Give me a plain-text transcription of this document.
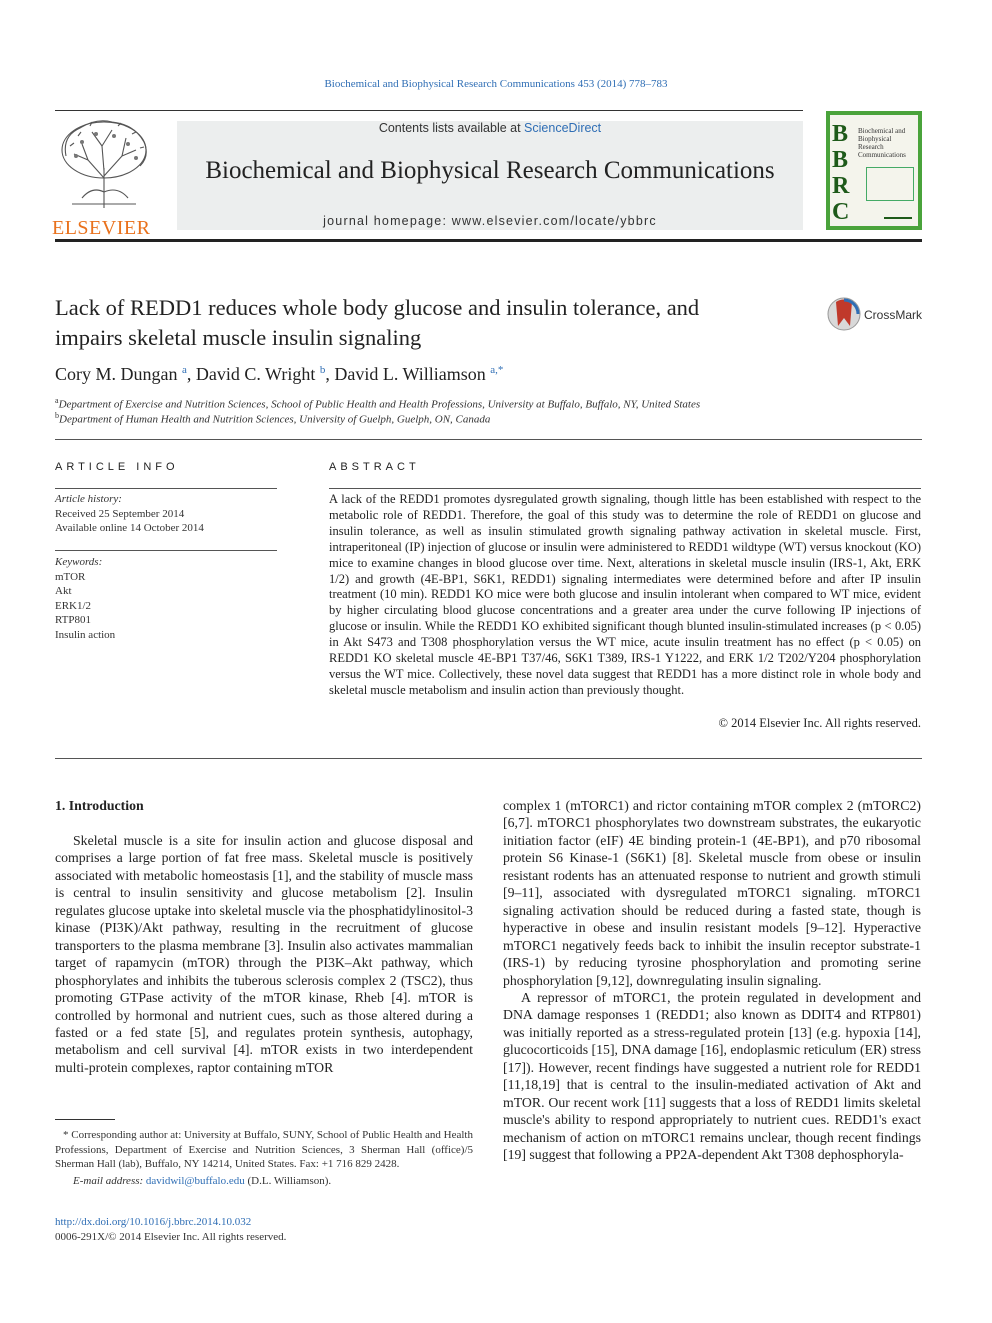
Biochemical and Biophysical Research Communications 453 (2014) 778–783
ELSEVIER
Contents lists available at ScienceDirect
Biochemical and Biophysical Research Communications
journal homepage: www.elsevier.com/locate/ybbrc
B
B
R
C
Biochemical and Biophysical Research Communications
Lack of REDD1 reduces whole body glucose and insulin tolerance, and
impairs skeletal muscle insulin signaling
CrossMark
Cory M. Dungan $^a$, David C. Wright $^b$, David L. Williamson $^{a,*}$
$^a$Department of Exercise and Nutrition Sciences, School of Public Health and Health Professions, University at Buffalo, Buffalo, NY, United States
$^b$Department of Human Health and Nutrition Sciences, University of Guelph, Guelph, ON, Canada
ARTICLE INFO
Article history:
Received 25 September 2014
Available online 14 October 2014
Keywords:
mTOR
Akt
ERK1/2
RTP801
Insulin action
ABSTRACT
A lack of the REDD1 promotes dysregulated growth signaling, though little has been established with respect to the metabolic role of REDD1. Therefore, the goal of this study was to determine the role of REDD1 on glucose and insulin tolerance, as well as insulin stimulated growth signaling pathway activation in skeletal muscle. First, intraperitoneal (IP) injection of glucose or insulin were administered to REDD1 wildtype (WT) versus knockout (KO) mice to examine changes in blood glucose over time. Next, alterations in skeletal muscle insulin (IRS-1, Akt, ERK 1/2) and growth (4E-BP1, S6K1, REDD1) signaling intermediates were determined before and after IP insulin treatment (10 min). REDD1 KO mice were both glucose and insulin intolerant when compared to WT mice, evident by higher circulating blood glucose concentrations and a greater area under the curve following IP injections of glucose or insulin. While the REDD1 KO exhibited significant though blunted insulin-stimulated increases (p < 0.05) in Akt S473 and T308 phosphorylation versus the WT mice, acute insulin treatment has no effect (p < 0.05) on REDD1 KO skeletal muscle 4E-BP1 T37/46, S6K1 T389, IRS-1 Y1222, and ERK 1/2 T202/Y204 phosphorylation versus the WT mice. Collectively, these novel data suggest that REDD1 has a more distinct role in whole body and skeletal muscle metabolism and insulin action than previously thought.
© 2014 Elsevier Inc. All rights reserved.
1. Introduction

Skeletal muscle is a site for insulin action and glucose disposal and comprises a large portion of fat free mass. Skeletal muscle is positively associated with metabolic homeostasis [1], and the stability of muscle mass is central to insulin sensitivity and glucose metabolism [2]. Insulin regulates glucose uptake into skeletal muscle via the phosphatidylinositol-3 kinase (PI3K)/Akt pathway, resulting in the recruitment of glucose transporters to the plasma membrane [3]. Insulin also activates mammalian target of rapamycin (mTOR) through the PI3K–Akt pathway, which phosphorylates and inhibits the tuberous sclerosis complex 2 (TSC2), thus promoting GTPase activity of the mTOR kinase, Rheb [4]. mTOR is controlled by hormonal and nutrient cues, such as those altered during a fasted or a fed state [5], and regulates protein synthesis, autophagy, metabolism and cell survival [4]. mTOR exists in two interdependent multi-protein complexes, raptor containing mTOR

complex 1 (mTORC1) and rictor containing mTOR complex 2 (mTORC2) [6,7]. mTORC1 phosphorylates two downstream substrates, the eukaryotic initiation factor (eIF) 4E binding protein-1 (4E-BP1), and p70 ribosomal protein S6 Kinase-1 (S6K1) [8]. Skeletal muscle from obese or insulin resistant rodents has an attenuated response to nutrient and growth stimuli [9–11], associated with dysregulated mTORC1 signaling. mTORC1 signaling activation should be reduced during a fasted state, though is hyperactive in obese and insulin resistant models [9–12]. Hyperactive mTORC1 negatively feeds back to inhibit the insulin receptor substrate-1 (IRS-1) by reducing tyrosine phosphorylation and promoting serine phosphorylation [9,12], downregulating insulin signaling.

A repressor of mTORC1, the protein regulated in development and DNA damage responses 1 (REDD1; also known as DDIT4 and RTP801) was initially reported as a stress-regulated protein [13] (e.g. hypoxia [14], glucocorticoids [15], DNA damage [16], endoplasmic reticulum (ER) stress [17]). However, recent findings have suggested a nutrient role for REDD1 [11,18,19] that is central to the insulin-mediated activation of Akt and mTOR. Our recent work [11] suggests that a loss of REDD1 limits skeletal muscle's ability to respond appropriately to nutrient cues. REDD1's exact mechanism of action on mTORC1 remains unclear, though recent findings [19] suggest that following a PP2A-dependent Akt T308 dephosphoryla-

* Corresponding author at: University at Buffalo, SUNY, School of Public Health and Health Professions, Department of Exercise and Nutrition Sciences, 3 Sherman Hall (office)/5 Sherman Hall (lab), Buffalo, NY 14214, United States. Fax: +1 716 829 2428.
E-mail address: davidwil@buffalo.edu (D.L. Williamson).
http://dx.doi.org/10.1016/j.bbrc.2014.10.032
0006-291X/© 2014 Elsevier Inc. All rights reserved.
